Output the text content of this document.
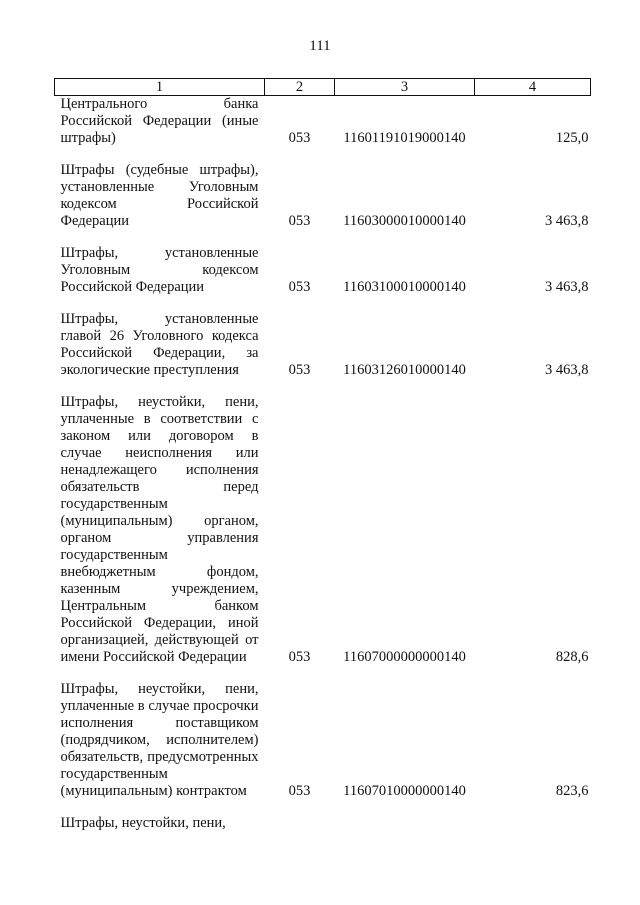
111
1	2	3	4
Центрального банка Российской Федерации (иные штрафы)	053	11601191019000140	125,0
Штрафы (судебные штрафы), установленные Уголовным кодексом Российской Федерации	053	11603000010000140	3 463,8
Штрафы, установленные Уголовным кодексом Российской Федерации	053	11603100010000140	3 463,8
Штрафы, установленные главой 26 Уголовного кодекса Российской Федерации, за экологические преступления	053	11603126010000140	3 463,8
Штрафы, неустойки, пени, уплаченные в соответствии с законом или договором в случае неисполнения или ненадлежащего исполнения обязательств перед государственным (муниципальным) органом, органом управления государственным внебюджетным фондом, казенным учреждением, Центральным банком Российской Федерации, иной организацией, действующей от имени Российской Федерации	053	11607000000000140	828,6
Штрафы, неустойки, пени, уплаченные в случае просрочки исполнения поставщиком (подрядчиком, исполнителем) обязательств, предусмотренных государственным (муниципальным) контрактом	053	11607010000000140	823,6
Штрафы, неустойки, пени,			
